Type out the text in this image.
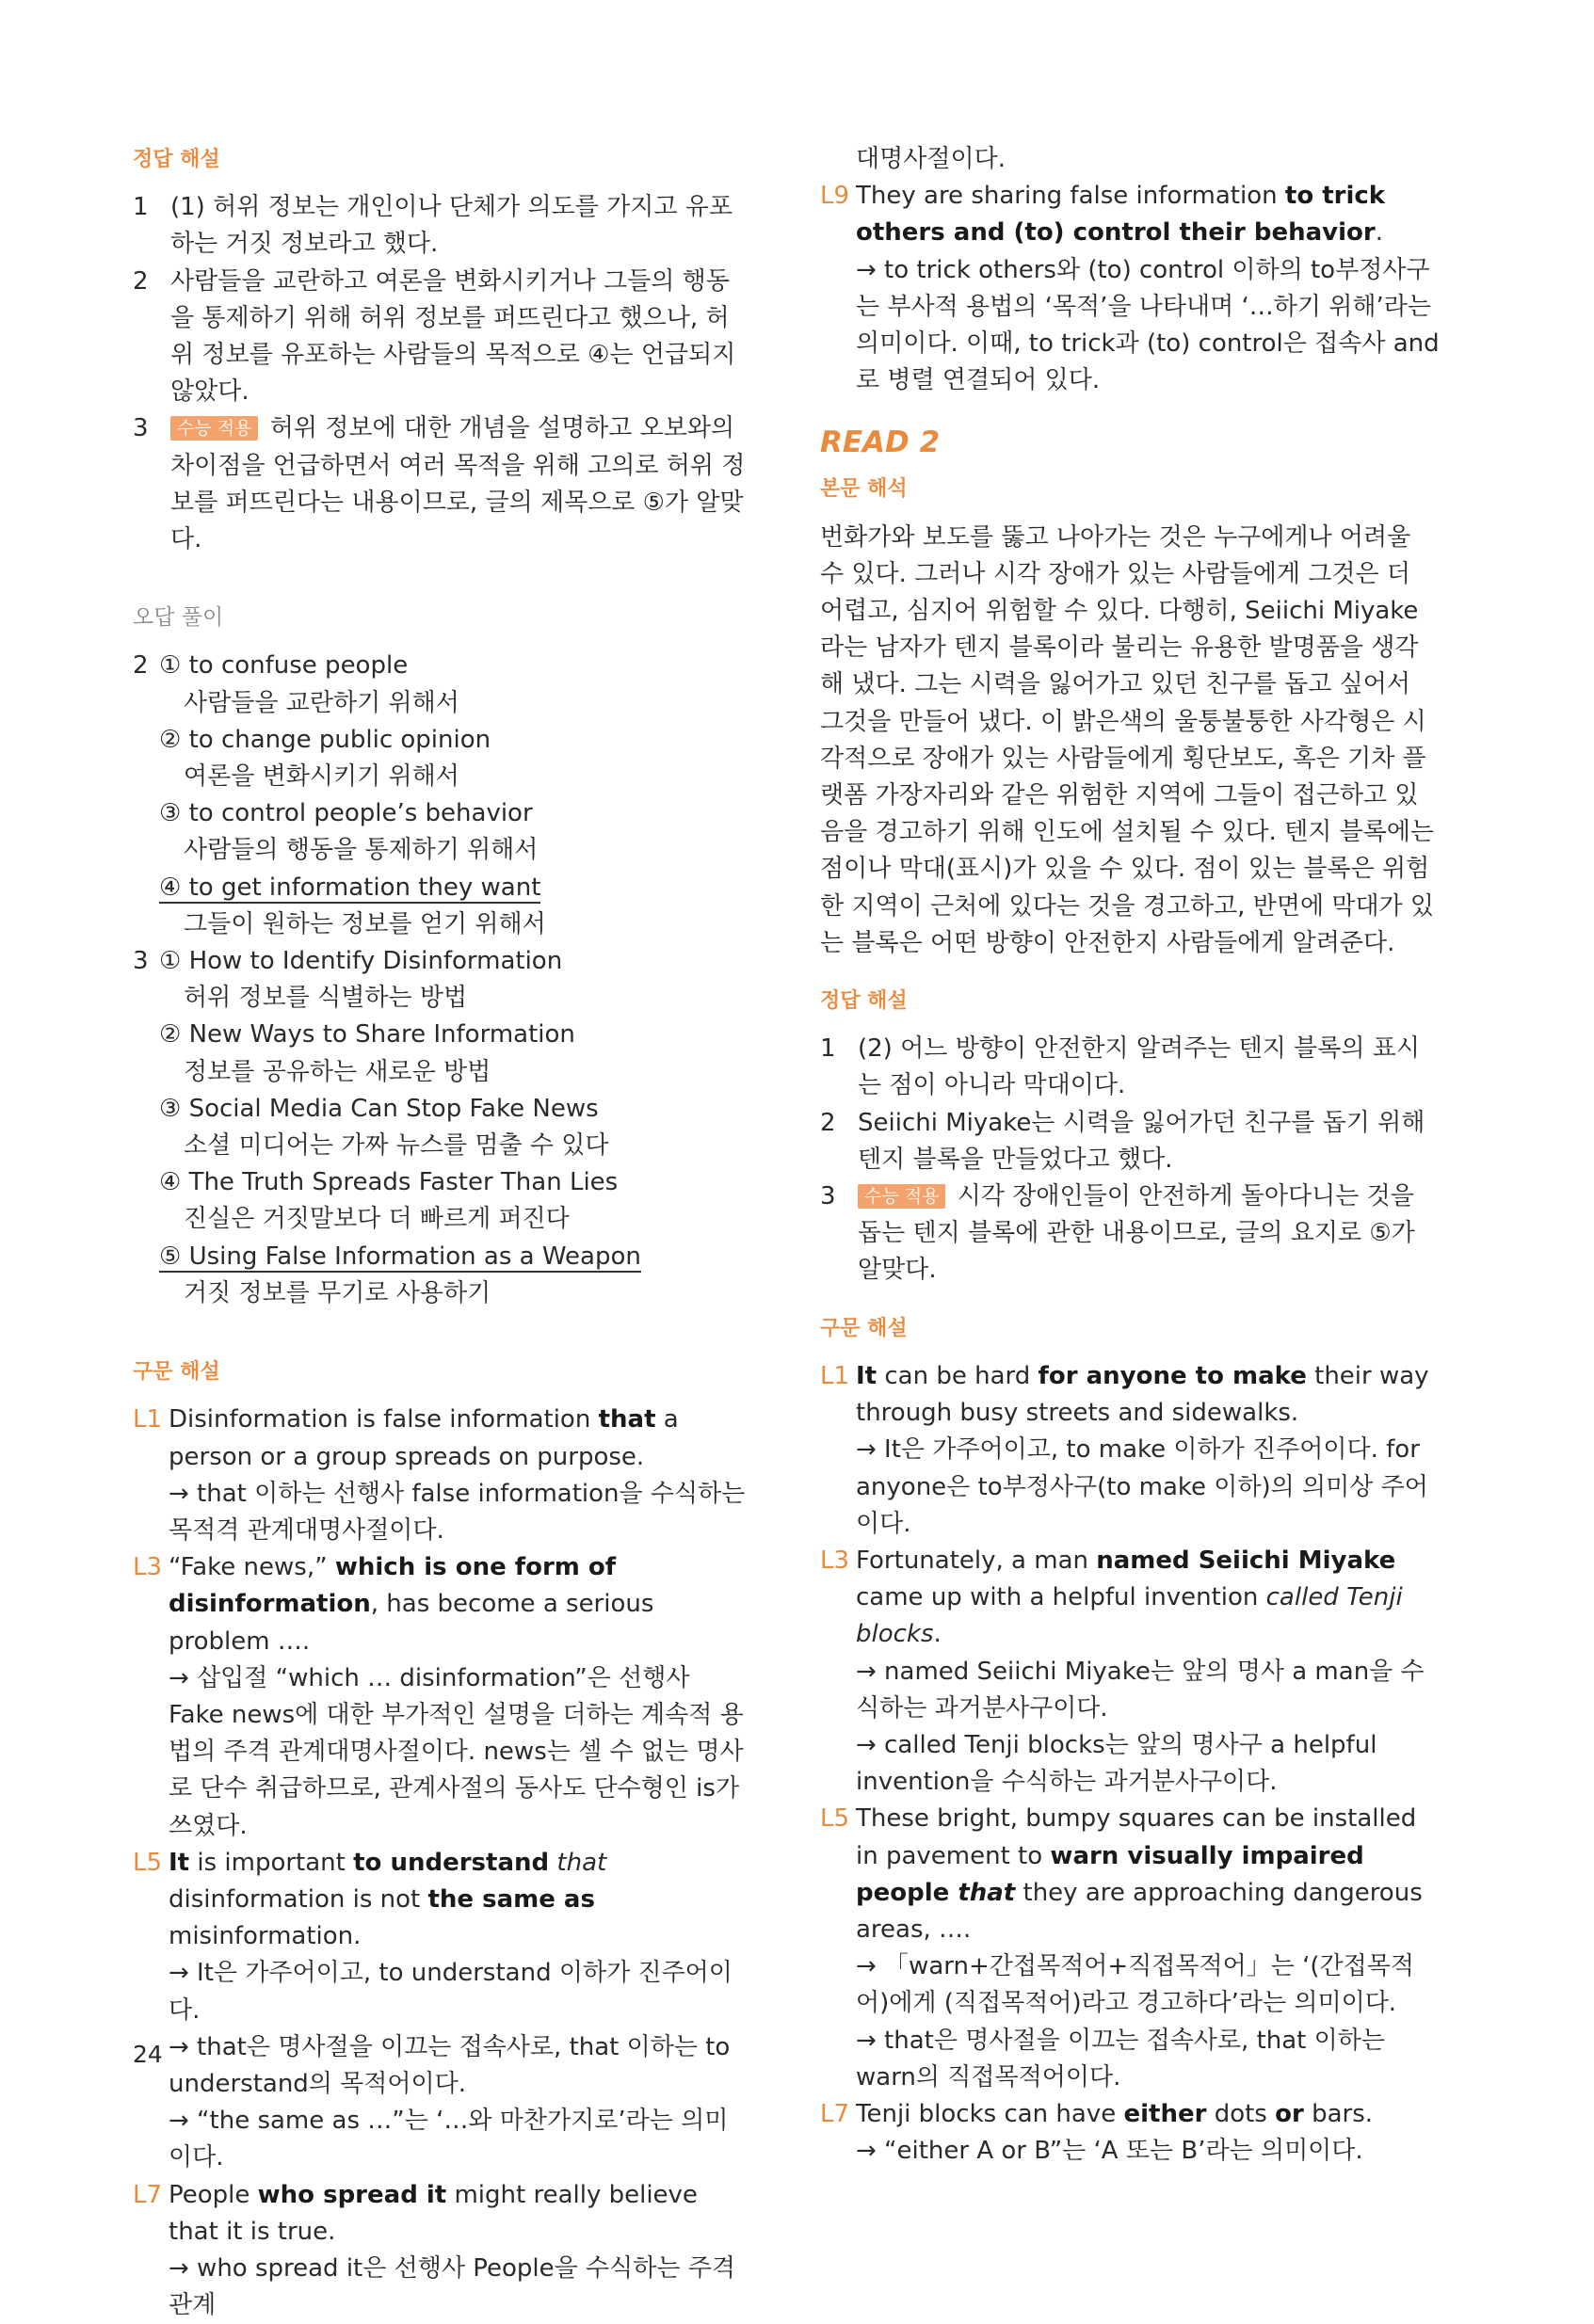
정답 해설
1 (1) 허위 정보는 개인이나 단체가 의도를 가지고 유포하는 거짓 정보라고 했다.
2 사람들을 교란하고 여론을 변화시키거나 그들의 행동을 통제하기 위해 허위 정보를 퍼뜨린다고 했으나, 허위 정보를 유포하는 사람들의 목적으로 ④는 언급되지 않았다.
3	수능 적용 허위 정보에 대한 개념을 설명하고 오보와의 차이점을 언급하면서 여러 목적을 위해 고의로 허위 정보를 퍼뜨린다는 내용이므로, 글의 제목으로 ⑤가 알맞다.
오답 풀이
2 ① to confuse people
사람들을 교란하기 위해서
② to change public opinion
여론을 변화시키기 위해서
③ to control people’s behavior
사람들의 행동을 통제하기 위해서
④ to get information they want
그들이 원하는 정보를 얻기 위해서
3 ① How to Identify Disinformation
허위 정보를 식별하는 방법
② New Ways to Share Information
정보를 공유하는 새로운 방법
③ Social Media Can Stop Fake News
소셜 미디어는 가짜 뉴스를 멈출 수 있다
④ The Truth Spreads Faster Than Lies
진실은 거짓말보다 더 빠르게 퍼진다
⑤ Using False Information as a Weapon
거짓 정보를 무기로 사용하기
구문 해설
L1 Disinformation is false information that a person or a group spreads on purpose.
→ that 이하는 선행사 false information을 수식하는 목적격 관계대명사절이다.
L3 “Fake news,” which is one form of disinformation, has become a serious problem ….
→ 삽입절 “which … disinformation”은 선행사 Fake news에 대한 부가적인 설명을 더하는 계속적 용법의 주격 관계대명사절이다. news는 셀 수 없는 명사로 단수 취급하므로, 관계사절의 동사도 단수형인 is가 쓰였다.
L5 It is important to understand that disinformation is not the same as misinformation.
→ It은 가주어이고, to understand 이하가 진주어이다.
→ that은 명사절을 이끄는 접속사로, that 이하는 to understand의 목적어이다.
→ “the same as …”는 ‘…와 마찬가지로’라는 의미이다.
L7 People who spread it might really believe that it is true.
→ who spread it은 선행사 People을 수식하는 주격 관계
대명사절이다.
L9 They are sharing false information to trick others and (to) control their behavior.
→ to trick others와 (to) control 이하의 to부정사구는 부사적 용법의 ‘목적’을 나타내며 ‘…하기 위해’라는 의미이다. 이때, to trick과 (to) control은 접속사 and로 병렬 연결되어 있다.
READ 2
본문 해석
번화가와 보도를 뚫고 나아가는 것은 누구에게나 어려울 수 있다. 그러나 시각 장애가 있는 사람들에게 그것은 더 어렵고, 심지어 위험할 수 있다. 다행히, Seiichi Miyake라는 남자가 텐지 블록이라 불리는 유용한 발명품을 생각해 냈다. 그는 시력을 잃어가고 있던 친구를 돕고 싶어서 그것을 만들어 냈다. 이 밝은색의 울퉁불퉁한 사각형은 시각적으로 장애가 있는 사람들에게 횡단보도, 혹은 기차 플랫폼 가장자리와 같은 위험한 지역에 그들이 접근하고 있음을 경고하기 위해 인도에 설치될 수 있다. 텐지 블록에는 점이나 막대(표시)가 있을 수 있다. 점이 있는 블록은 위험한 지역이 근처에 있다는 것을 경고하고, 반면에 막대가 있는 블록은 어떤 방향이 안전한지 사람들에게 알려준다.
정답 해설
1 (2) 어느 방향이 안전한지 알려주는 텐지 블록의 표시는 점이 아니라 막대이다.
2 Seiichi Miyake는 시력을 잃어가던 친구를 돕기 위해 텐지 블록을 만들었다고 했다.
3	수능 적용 시각 장애인들이 안전하게 돌아다니는 것을 돕는 텐지 블록에 관한 내용이므로, 글의 요지로 ⑤가 알맞다.
구문 해설
L1 It can be hard for anyone to make their way through busy streets and sidewalks.
→ It은 가주어이고, to make 이하가 진주어이다. for anyone은 to부정사구(to make 이하)의 의미상 주어이다.
L3 Fortunately, a man named Seiichi Miyake came up with a helpful invention called Tenji blocks.
→ named Seiichi Miyake는 앞의 명사 a man을 수식하는 과거분사구이다.
→ called Tenji blocks는 앞의 명사구 a helpful invention을 수식하는 과거분사구이다.
L5 These bright, bumpy squares can be installed in pavement to warn visually impaired people that they are approaching dangerous areas, ….
→ 「warn+간접목적어+직접목적어」는 ‘(간접목적어)에게 (직접목적어)라고 경고하다’라는 의미이다.
→ that은 명사절을 이끄는 접속사로, that 이하는 warn의 직접목적어이다.
L7 Tenji blocks can have either dots or bars.
→ “either A or B”는 ‘A 또는 B’라는 의미이다.
24
